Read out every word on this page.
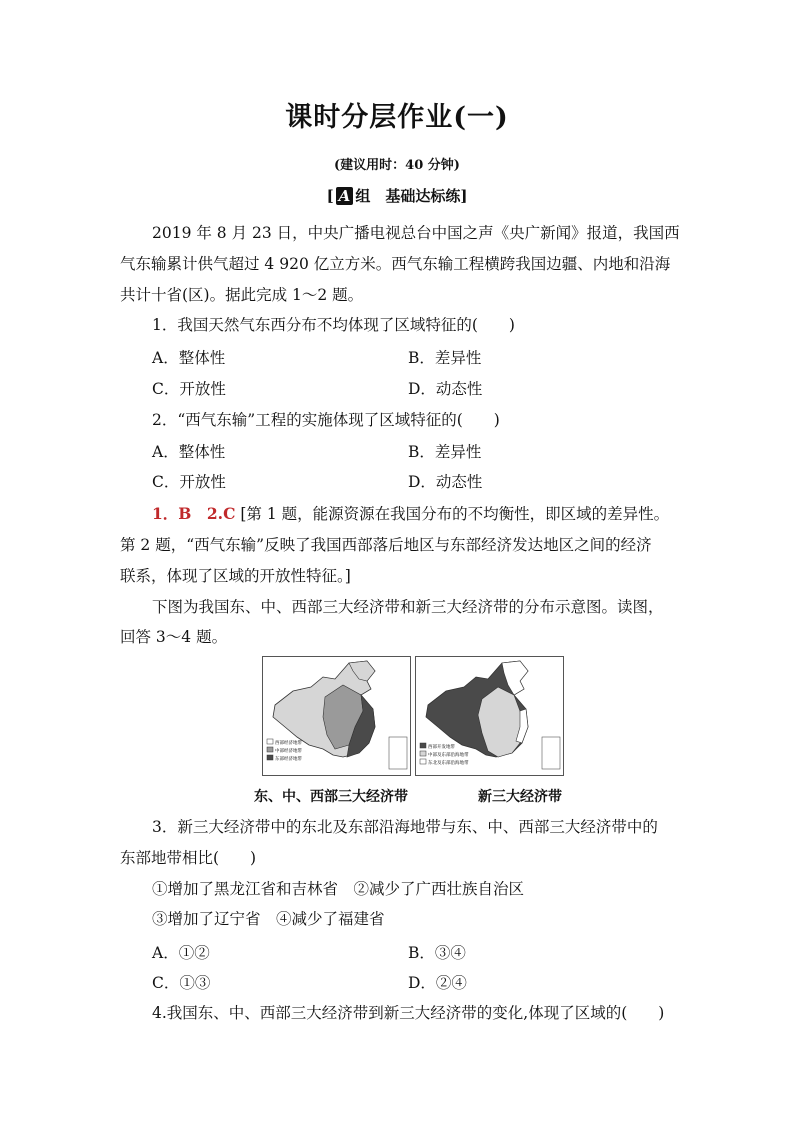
课时分层作业(一)
(建议用时：40 分钟)
[ A 组　基础达标练]
2019 年 8 月 23 日，中央广播电视总台中国之声《央广新闻》报道，我国西
气东输累计供气超过 4 920 亿立方米。西气东输工程横跨我国边疆、内地和沿海
共计十省(区)。据此完成 1～2 题。
1．我国天然气东西分布不均体现了区域特征的(　　)
A．整体性	B．差异性
C．开放性	D．动态性
2．“西气东输”工程的实施体现了区域特征的(　　)
A．整体性	B．差异性
C．开放性	D．动态性
1．B　2.C [第 1 题，能源资源在我国分布的不均衡性，即区域的差异性。
第 2 题，“西气东输”反映了我国西部落后地区与东部经济发达地区之间的经济
联系，体现了区域的开放性特征。]
下图为我国东、中、西部三大经济带和新三大经济带的分布示意图。读图，
回答 3～4 题。
西部经济地带
中部经济地带
东部经济地带
西部开发地带
中部及东部沿海地带
东北及东部沿海地带
东、中、西部三大经济带	新三大经济带
3．新三大经济带中的东北及东部沿海地带与东、中、西部三大经济带中的
东部地带相比(　　)
①增加了黑龙江省和吉林省　②减少了广西壮族自治区
③增加了辽宁省　④减少了福建省
A．①②	B．③④
C．①③	D．②④
4.我国东、中、西部三大经济带到新三大经济带的变化,体现了区域的(　　)
